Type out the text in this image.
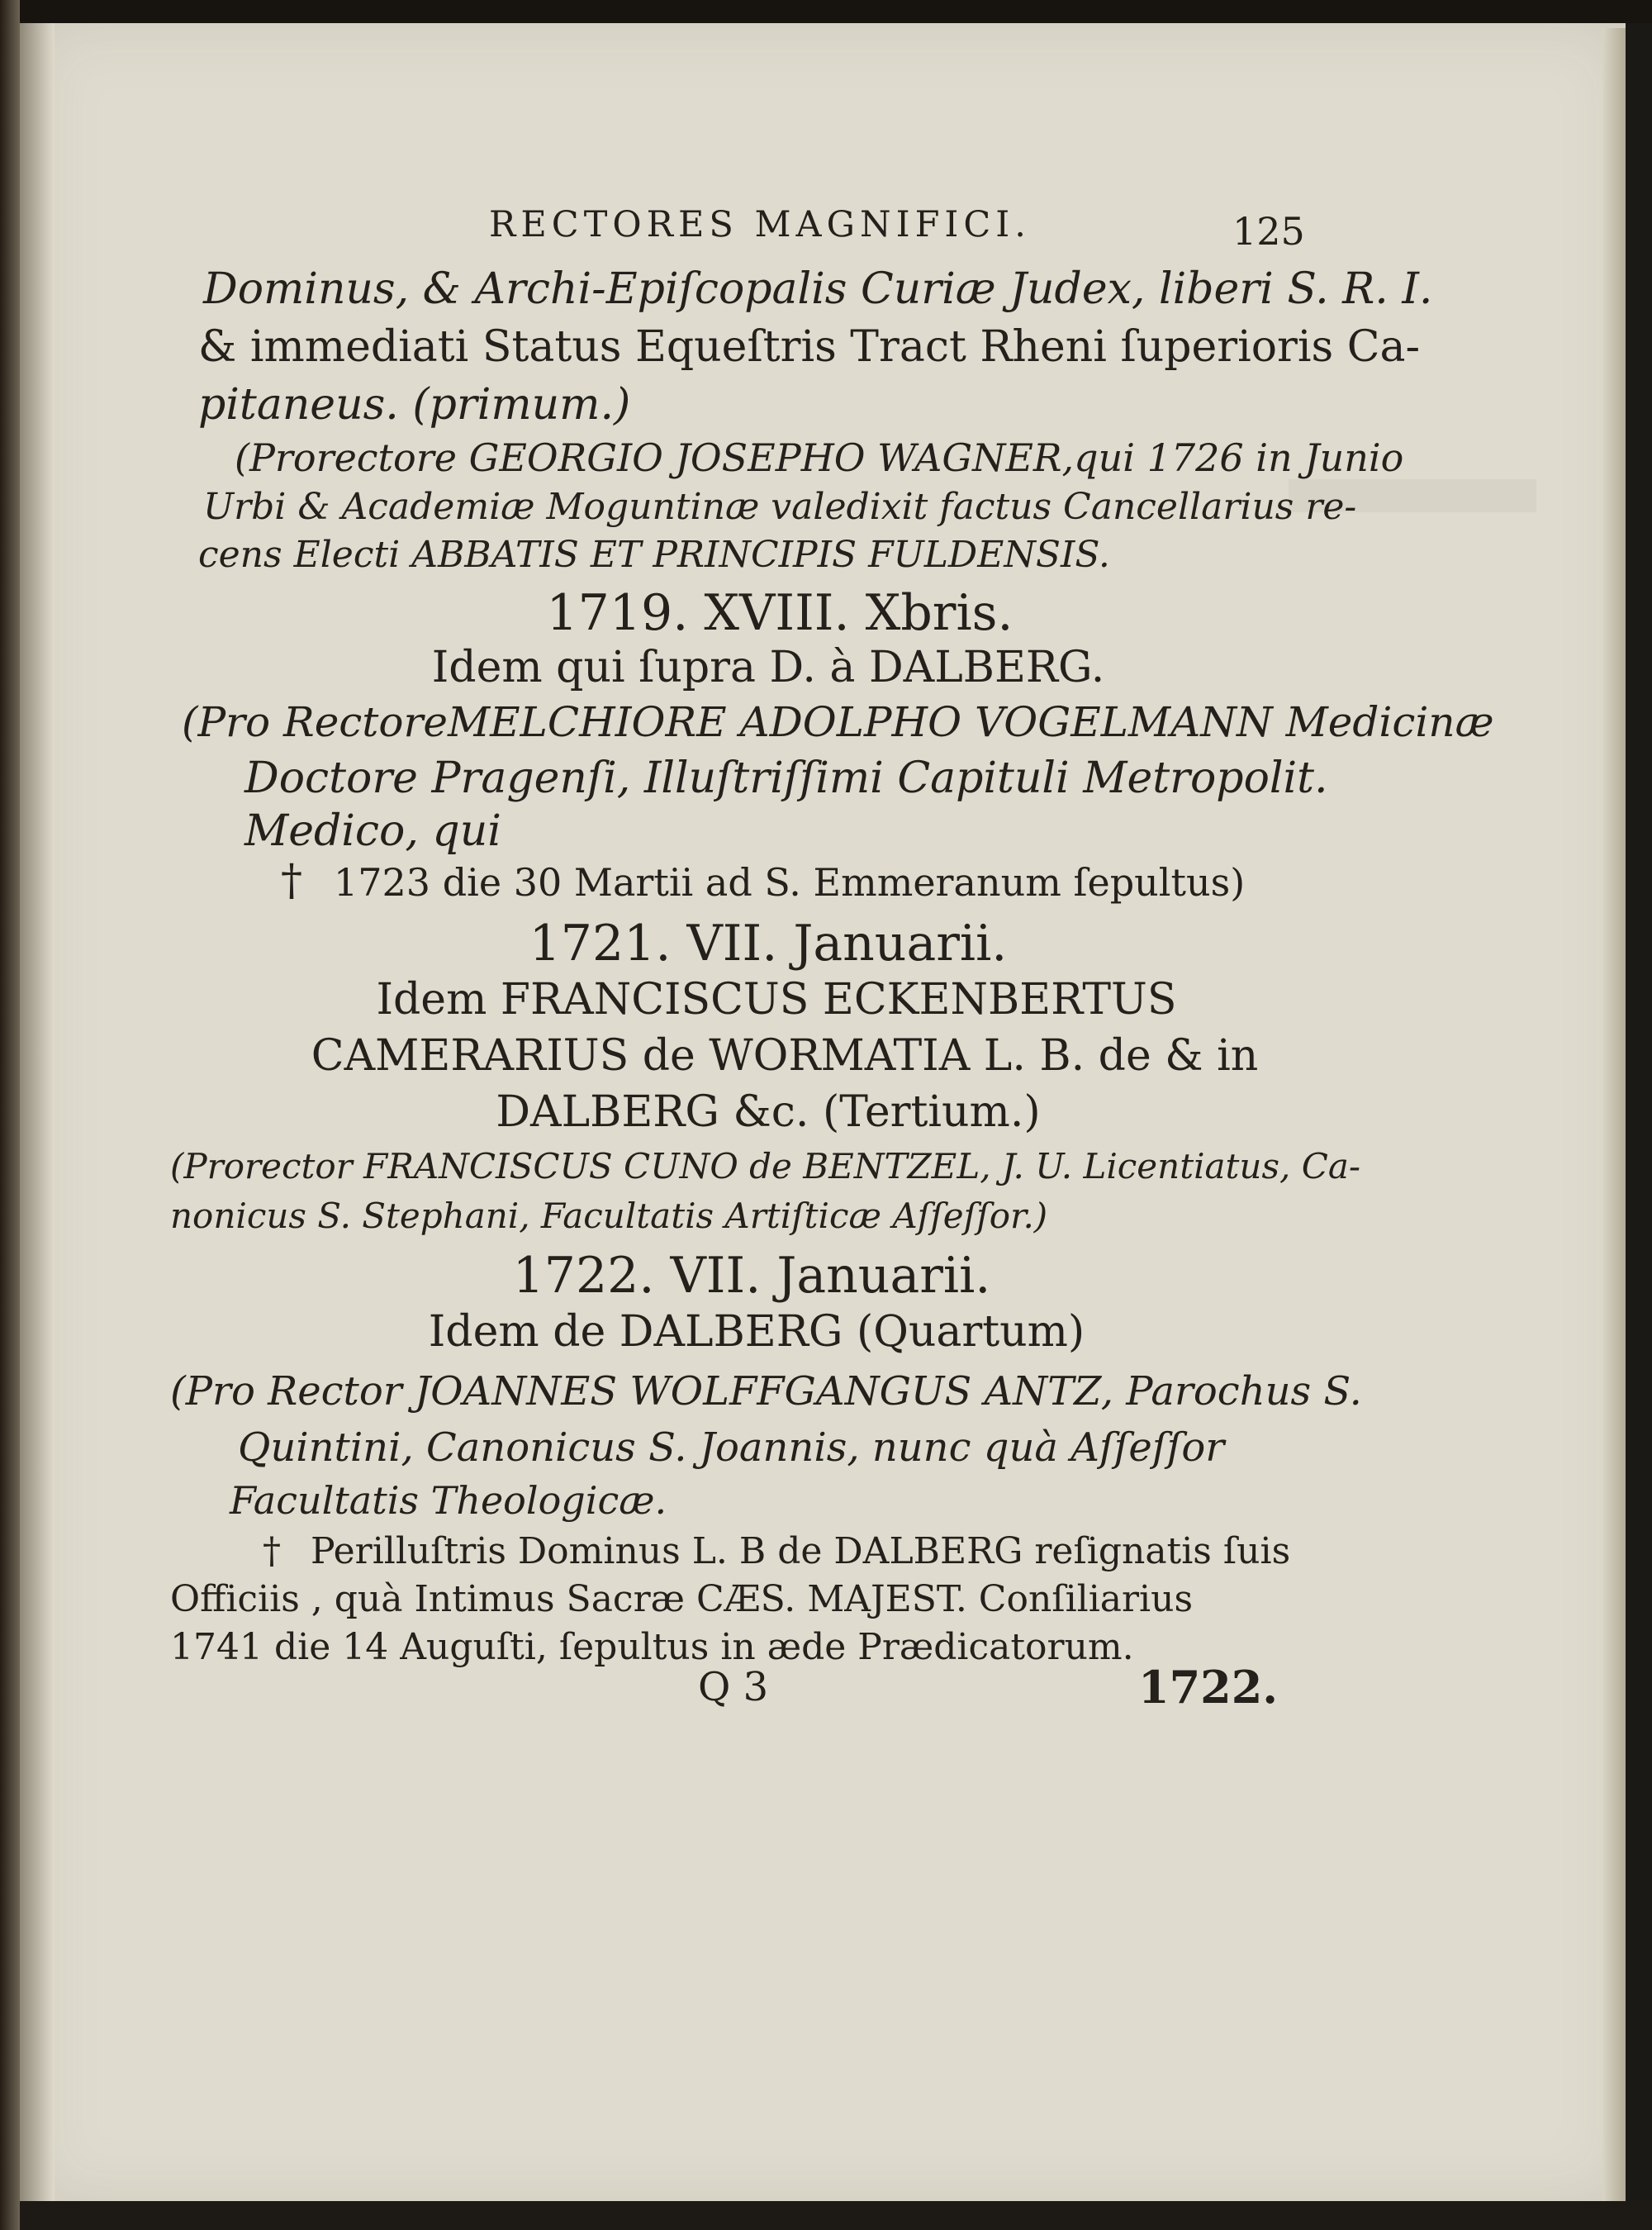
RECTORES MAGNIFICI.	125
Dominus, & Archi-Epiſcopalis Curiæ Judex, liberi S. R. I.
& immediati Status Equeſtris Tract Rheni ſuperioris Ca-
pitaneus. (primum.)
(Prorectore GEORGIO JOSEPHO WAGNER,qui 1726 in Junio
Urbi & Academiæ Moguntinæ valedixit factus Cancellarius re-
cens Electi ABBATIS ET PRINCIPIS FULDENSIS.
1719. XVIII. Xbris.
Idem qui ſupra D. à DALBERG.
(Pro RectoreMELCHIORE ADOLPHO VOGELMANN Medicinæ
Doctore Pragenſi, Illuſtriſſimi Capituli Metropolit.
Medico, qui
† 1723 die 30 Martii ad S. Emmeranum ſepultus)
1721. VII. Januarii.
Idem FRANCISCUS ECKENBERTUS
CAMERARIUS de WORMATIA L. B. de & in
DALBERG &c. (Tertium.)
(Prorector FRANCISCUS CUNO de BENTZEL, J. U. Licentiatus, Ca-
nonicus S. Stephani, Facultatis Artiſticæ Aſſeſſor.)
1722. VII. Januarii.
Idem de DALBERG (Quartum)
(Pro Rector JOANNES WOLFFGANGUS ANTZ, Parochus S.
Quintini, Canonicus S. Joannis, nunc quà Aſſeſſor
Facultatis Theologicæ.
† Perilluſtris Dominus L. B de DALBERG reſignatis ſuis
Officiis , quà Intimus Sacræ CÆS. MAJEST. Conſiliarius
1741 die 14 Auguſti, ſepultus in æde Prædicatorum.
Q 3	1722.
